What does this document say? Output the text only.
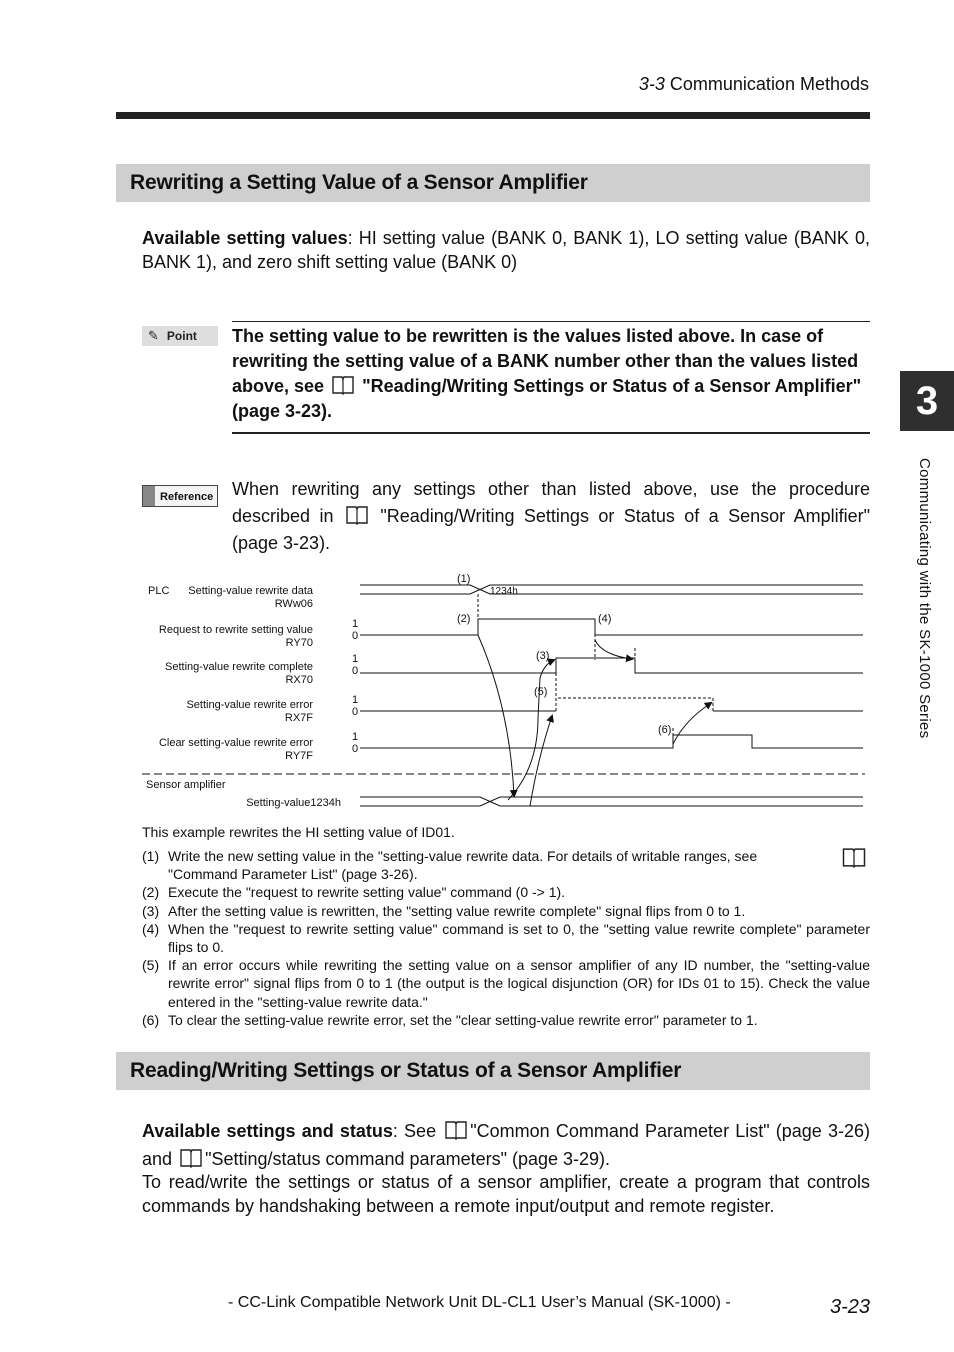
3-3 Communication Methods
Rewriting a Setting Value of a Sensor Amplifier
Available setting values: HI setting value (BANK 0, BANK 1), LO setting value (BANK 0, BANK 1), and zero shift setting value (BANK 0)
✎ Point	The setting value to be rewritten is the values listed above. In case of rewriting the setting value of a BANK number other than the values listed above, see "Reading/Writing Settings or Status of a Sensor Amplifier" (page 3-23).
Reference When rewriting any settings other than listed above, use the procedure described in	"Reading/Writing Settings or Status of a Sensor Amplifier" (page 3-23).
PLC Setting-value rewrite data
RWw06
Request to rewrite setting value
RY70
Setting-value rewrite complete
RX70
Setting-value rewrite error
RX7F
Clear setting-value rewrite error
RY7F
1
0
1
0
1
0
1
0
1234h
(1)
(2)
(3)
(4)
(5)
(6)
Sensor amplifier
Setting-value1234h
This example rewrites the HI setting value of ID01.
(1) Write the new setting value in the "setting-value rewrite data. For details of writable ranges, see

"Command Parameter List" (page 3-26).
(2) Execute the "request to rewrite setting value" command (0 -> 1).
(3) After the setting value is rewritten, the "setting value rewrite complete" signal flips from 0 to 1.
(4) When the "request to rewrite setting value" command is set to 0, the "setting value rewrite complete" parameter flips to 0.
(5) If an error occurs while rewriting the setting value on a sensor amplifier of any ID number, the "setting-value rewrite error" signal flips from 0 to 1 (the output is the logical disjunction (OR) for IDs 01 to 15). Check the value entered in the "setting-value rewrite data."
(6) To clear the setting-value rewrite error, set the "clear setting-value rewrite error" parameter to 1.
Reading/Writing Settings or Status of a Sensor Amplifier
Available settings and status: See "Common Command Parameter List" (page 3-26) and "Setting/status command parameters" (page 3-29).
To read/write the settings or status of a sensor amplifier, create a program that controls commands by handshaking between a remote input/output and remote register.
3
Communicating with the SK-1000 Series
- CC-Link Compatible Network Unit DL-CL1 User’s Manual (SK-1000) -	3-23
